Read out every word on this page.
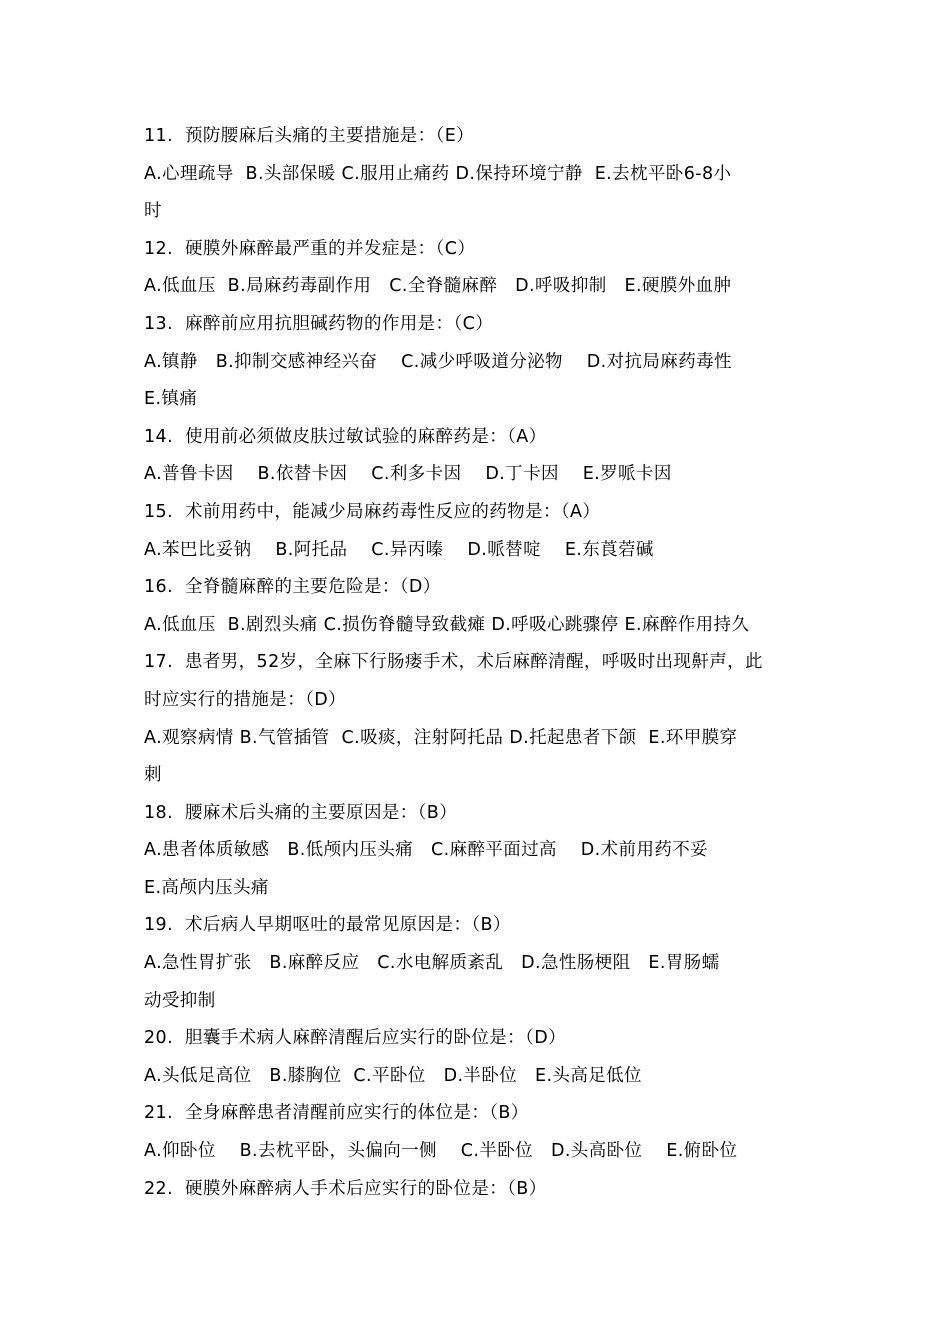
11.  预防腰麻后头痛的主要措施是：（E）
A.心理疏导  B.头部保暖 C.服用止痛药 D.保持环境宁静  E.去枕平卧6-8小
时
12.  硬膜外麻醉最严重的并发症是：（C）
A.低血压  B.局麻药毒副作用   C.全脊髓麻醉   D.呼吸抑制   E.硬膜外血肿
13.  麻醉前应用抗胆碱药物的作用是：（C）
A.镇静   B.抑制交感神经兴奋    C.减少呼吸道分泌物    D.对抗局麻药毒性
E.镇痛
14.  使用前必须做皮肤过敏试验的麻醉药是：（A）
A.普鲁卡因    B.依替卡因    C.利多卡因    D.丁卡因    E.罗哌卡因
15.  术前用药中，能减少局麻药毒性反应的药物是：（A）
A.苯巴比妥钠    B.阿托品    C.异丙嗪    D.哌替啶    E.东莨菪碱
16.  全脊髓麻醉的主要危险是：（D）
A.低血压  B.剧烈头痛 C.损伤脊髓导致截瘫 D.呼吸心跳骤停 E.麻醉作用持久
17.  患者男，52岁，全麻下行肠瘘手术，术后麻醉清醒，呼吸时出现鼾声，此
时应实行的措施是：（D）
A.观察病情 B.气管插管  C.吸痰，注射阿托品 D.托起患者下颌  E.环甲膜穿
刺
18.  腰麻术后头痛的主要原因是：（B）
A.患者体质敏感   B.低颅内压头痛   C.麻醉平面过高    D.术前用药不妥
E.高颅内压头痛
19.  术后病人早期呕吐的最常见原因是：（B）
A.急性胃扩张   B.麻醉反应   C.水电解质紊乱   D.急性肠梗阻   E.胃肠蠕
动受抑制
20.  胆囊手术病人麻醉清醒后应实行的卧位是：（D）
A.头低足高位   B.膝胸位  C.平卧位   D.半卧位   E.头高足低位
21.  全身麻醉患者清醒前应实行的体位是：（B）
A.仰卧位    B.去枕平卧，头偏向一侧    C.半卧位   D.头高卧位    E.俯卧位
22.  硬膜外麻醉病人手术后应实行的卧位是：（B）
